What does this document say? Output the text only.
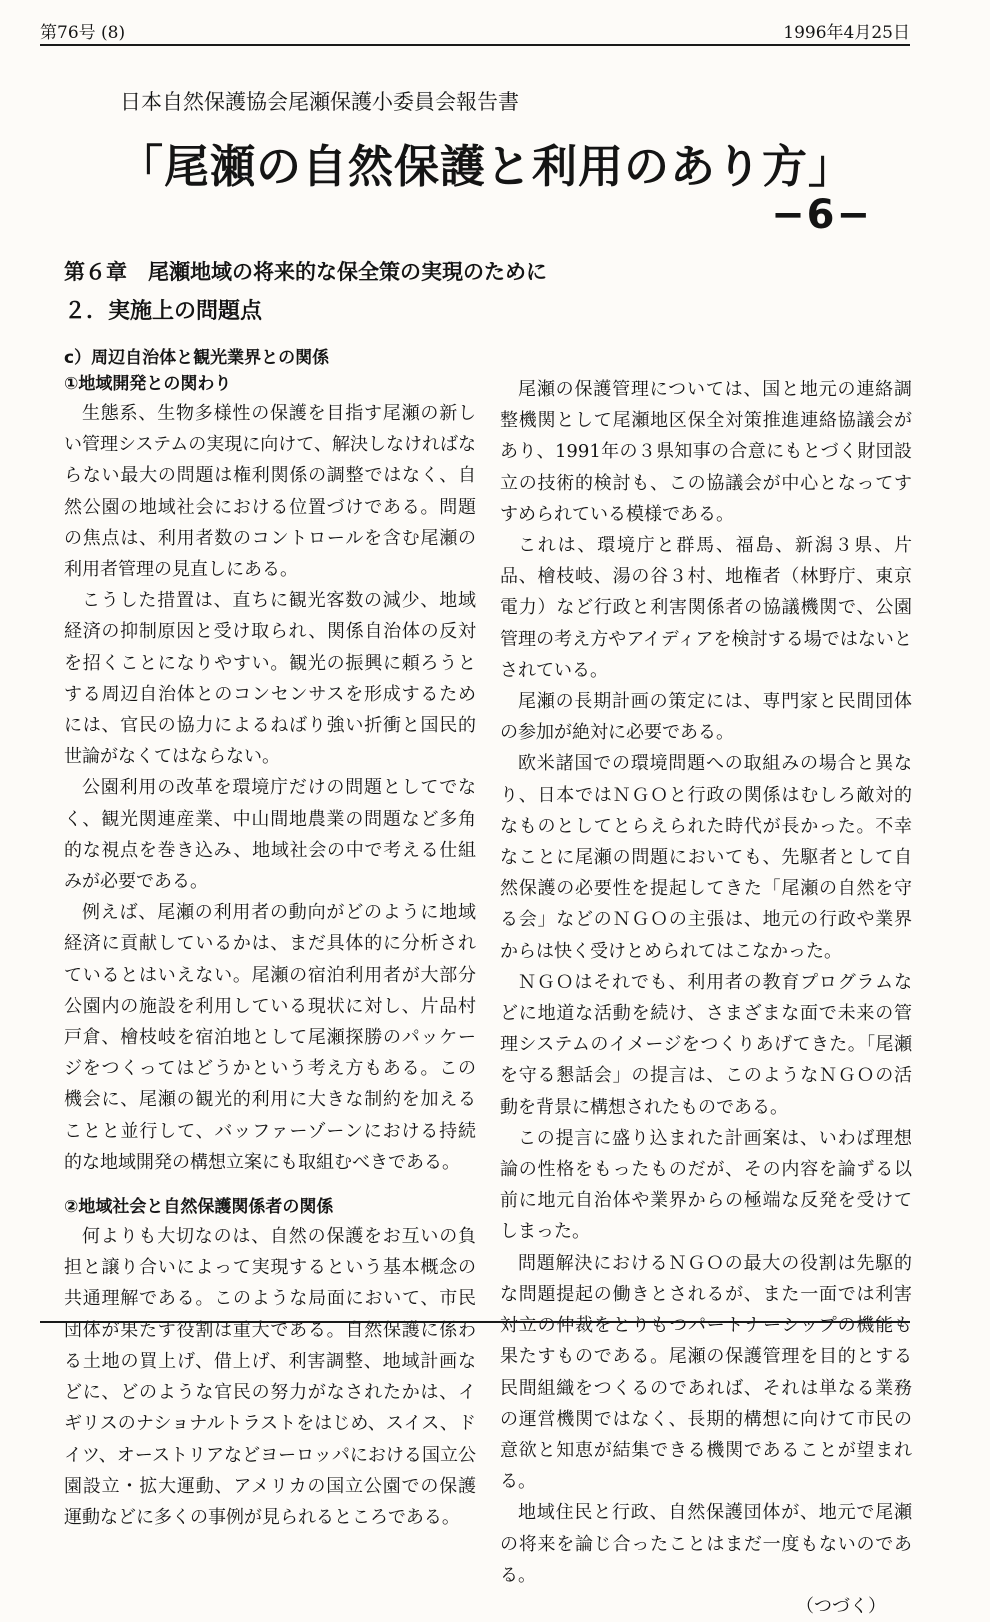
第76号 (8)	1996年4月25日
日本自然保護協会尾瀬保護小委員会報告書
「尾瀬の自然保護と利用のあり方」
−6−
第６章　尾瀬地域の将来的な保全策の実現のために
２．実施上の問題点
c）周辺自治体と観光業界との関係
①地域開発との関わり

生態系、生物多様性の保護を目指す尾瀬の新しい管理システムの実現に向けて、解決しなければならない最大の問題は権利関係の調整ではなく、自然公園の地域社会における位置づけである。問題の焦点は、利用者数のコントロールを含む尾瀬の利用者管理の見直しにある。

こうした措置は、直ちに観光客数の減少、地域経済の抑制原因と受け取られ、関係自治体の反対を招くことになりやすい。観光の振興に頼ろうとする周辺自治体とのコンセンサスを形成するためには、官民の協力によるねばり強い折衝と国民的世論がなくてはならない。

公園利用の改革を環境庁だけの問題としてでなく、観光関連産業、中山間地農業の問題など多角的な視点を巻き込み、地域社会の中で考える仕組みが必要である。

例えば、尾瀬の利用者の動向がどのように地域経済に貢献しているかは、まだ具体的に分析されているとはいえない。尾瀬の宿泊利用者が大部分公園内の施設を利用している現状に対し、片品村戸倉、檜枝岐を宿泊地として尾瀬探勝のパッケージをつくってはどうかという考え方もある。この機会に、尾瀬の観光的利用に大きな制約を加えることと並行して、バッファーゾーンにおける持続的な地域開発の構想立案にも取組むべきである。

②地域社会と自然保護関係者の関係

何よりも大切なのは、自然の保護をお互いの負担と譲り合いによって実現するという基本概念の共通理解である。このような局面において、市民団体が果たす役割は重大である。自然保護に係わる土地の買上げ、借上げ、利害調整、地域計画などに、どのような官民の努力がなされたかは、イギリスのナショナルトラストをはじめ、スイス、ドイツ、オーストリアなどヨーロッパにおける国立公園設立・拡大運動、アメリカの国立公園での保護運動などに多くの事例が見られるところである。

尾瀬の保護管理については、国と地元の連絡調整機関として尾瀬地区保全対策推進連絡協議会があり、1991年の３県知事の合意にもとづく財団設立の技術的検討も、この協議会が中心となってすすめられている模様である。

これは、環境庁と群馬、福島、新潟３県、片品、檜枝岐、湯の谷３村、地権者（林野庁、東京電力）など行政と利害関係者の協議機関で、公園管理の考え方やアイディアを検討する場ではないとされている。

尾瀬の長期計画の策定には、専門家と民間団体の参加が絶対に必要である。

欧米諸国での環境問題への取組みの場合と異なり、日本ではＮＧＯと行政の関係はむしろ敵対的なものとしてとらえられた時代が長かった。不幸なことに尾瀬の問題においても、先駆者として自然保護の必要性を提起してきた「尾瀬の自然を守る会」などのＮＧＯの主張は、地元の行政や業界からは快く受けとめられてはこなかった。

ＮＧＯはそれでも、利用者の教育プログラムなどに地道な活動を続け、さまざまな面で未来の管理システムのイメージをつくりあげてきた。「尾瀬を守る懇話会」の提言は、このようなＮＧＯの活動を背景に構想されたものである。

この提言に盛り込まれた計画案は、いわば理想論の性格をもったものだが、その内容を論ずる以前に地元自治体や業界からの極端な反発を受けてしまった。

問題解決におけるＮＧＯの最大の役割は先駆的な問題提起の働きとされるが、また一面では利害対立の仲裁をとりもつパートナーシップの機能も果たすものである。尾瀬の保護管理を目的とする民間組織をつくるのであれば、それは単なる業務の運営機関ではなく、長期的構想に向けて市民の意欲と知恵が結集できる機関であることが望まれる。

地域住民と行政、自然保護団体が、地元で尾瀬の将来を論じ合ったことはまだ一度もないのである。

（つづく）
